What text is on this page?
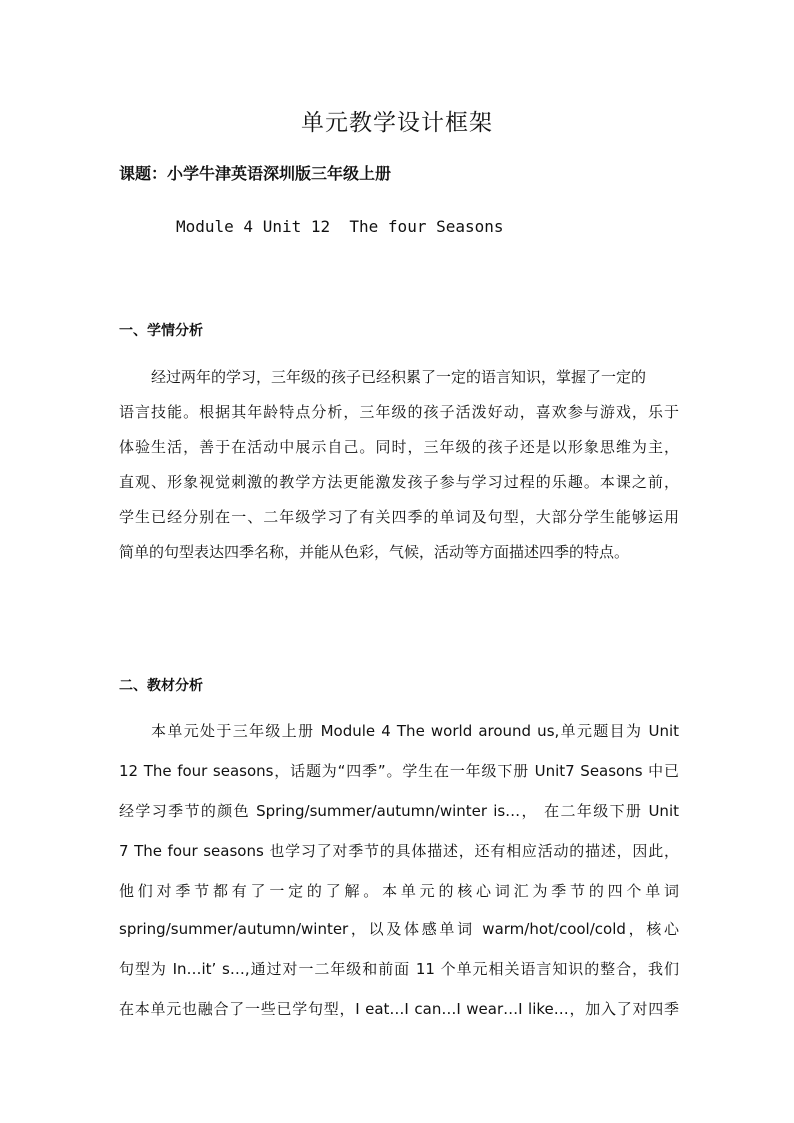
单元教学设计框架
课题：小学牛津英语深圳版三年级上册
Module 4 Unit 12  The four Seasons
一、学情分析
经过两年的学习，三年级的孩子已经积累了一定的语言知识，掌握了一定的
语言技能。根据其年龄特点分析，三年级的孩子活泼好动，喜欢参与游戏，乐于
体验生活，善于在活动中展示自己。同时，三年级的孩子还是以形象思维为主，
直观、形象视觉刺激的教学方法更能激发孩子参与学习过程的乐趣。本课之前，
学生已经分别在一、二年级学习了有关四季的单词及句型，大部分学生能够运用
简单的句型表达四季名称，并能从色彩，气候，活动等方面描述四季的特点。
二、教材分析
本单元处于三年级上册 Module 4 The world around us,单元题目为 Unit
12 The four seasons，话题为“四季”。学生在一年级下册 Unit7 Seasons 中已
经学习季节的颜色 Spring/summer/autumn/winter is…， 在二年级下册 Unit
7 The four seasons 也学习了对季节的具体描述，还有相应活动的描述，因此，
他们对季节都有了一定的了解。本单元的核心词汇为季节的四个单词
spring/summer/autumn/winter，以及体感单词 warm/hot/cool/cold，核心
句型为 In…it’ s…,通过对一二年级和前面 11 个单元相关语言知识的整合，我们
在本单元也融合了一些已学句型，I eat…I can…I wear…I like…，加入了对四季
